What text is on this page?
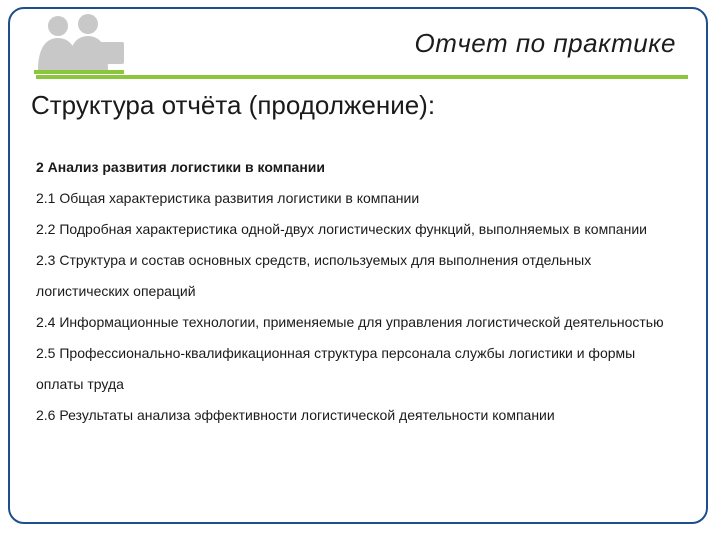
Отчет по практике
Структура отчёта (продолжение):

2 Анализ развития логистики в компании

2.1 Общая характеристика развития логистики в компании

2.2 Подробная характеристика одной-двух логистических функций, выполняемых в компании

2.3 Структура и состав основных средств, используемых для выполнения отдельных логистических операций

2.4 Информационные технологии, применяемые для управления логистической деятельностью

2.5 Профессионально-квалификационная структура персонала службы логистики и формы оплаты труда

2.6 Результаты анализа эффективности логистической деятельности компании
